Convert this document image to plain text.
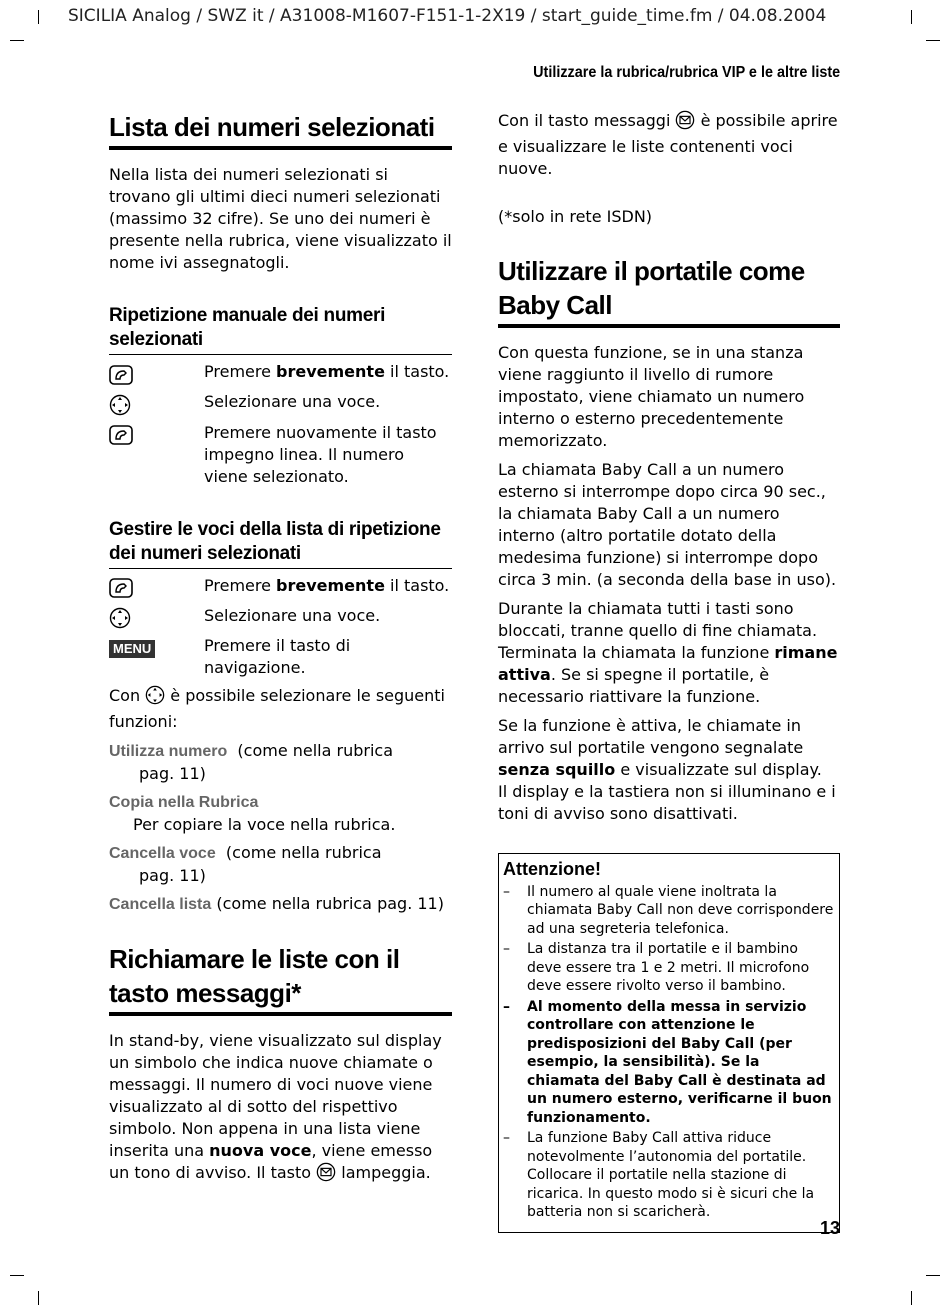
SICILIA Analog / SWZ it / A31008-M1607-F151-1-2X19 / start_guide_time.fm / 04.08.2004
Utilizzare la rubrica/rubrica VIP e le altre liste
Lista dei numeri selezionati

Nella lista dei numeri selezionati si trovano gli ultimi dieci numeri selezionati (massimo 32 cifre). Se uno dei numeri è presente nella rubrica, viene visualizzato il nome ivi assegnatogli.

Ripetizione manuale dei numeri selezionati
Premere brevemente il tasto.
Selezionare una voce.
Premere nuovamente il tasto impegno linea. Il numero viene selezionato.
Gestire le voci della lista di ripetizione dei numeri selezionati
Premere brevemente il tasto.
Selezionare una voce.
MENU	Premere il tasto di navigazione.

Con  è possibile selezionare le seguenti funzioni:

Utilizza numero (come nella rubrica
pag. 11)
Copia nella Rubrica
Per copiare la voce nella rubrica.
Cancella voce (come nella rubrica
pag. 11)
Cancella lista (come nella rubrica pag. 11)
Richiamare le liste con il tasto messaggi*

In stand-by, viene visualizzato sul display un simbolo che indica nuove chiamate o messaggi. Il numero di voci nuove viene visualizzato al di sotto del rispettivo simbolo. Non appena in una lista viene inserita una nuova voce, viene emesso un tono di avviso. Il tasto  lampeggia.

Con il tasto messaggi  è possibile aprire e visualizzare le liste contenenti voci nuove.

(*solo in rete ISDN)

Utilizzare il portatile come Baby Call

Con questa funzione, se in una stanza viene raggiunto il livello di rumore impostato, viene chiamato un numero interno o esterno precedentemente memorizzato.

La chiamata Baby Call a un numero esterno si interrompe dopo circa 90 sec., la chiamata Baby Call a un numero interno (altro portatile dotato della medesima funzione) si interrompe dopo circa 3 min. (a seconda della base in uso).

Durante la chiamata tutti i tasti sono bloccati, tranne quello di fine chiamata. Terminata la chiamata la funzione rimane attiva. Se si spegne il portatile, è necessario riattivare la funzione.

Se la funzione è attiva, le chiamate in arrivo sul portatile vengono segnalate senza squillo e visualizzate sul display.
Il display e la tastiera non si illuminano e i toni di avviso sono disattivati.

Attenzione!
– Il numero al quale viene inoltrata la chiamata Baby Call non deve corrispondere ad una segreteria telefonica.
– La distanza tra il portatile e il bambino deve essere tra 1 e 2 metri. Il microfono deve essere rivolto verso il bambino.
– Al momento della messa in servizio controllare con attenzione le predisposizioni del Baby Call (per esempio, la sensibilità). Se la chiamata del Baby Call è destinata ad un numero esterno, verificarne il buon funzionamento.
– La funzione Baby Call attiva riduce notevolmente l’autonomia del portatile. Collocare il portatile nella stazione di ricarica. In questo modo si è sicuri che la batteria non si scaricherà.
13
